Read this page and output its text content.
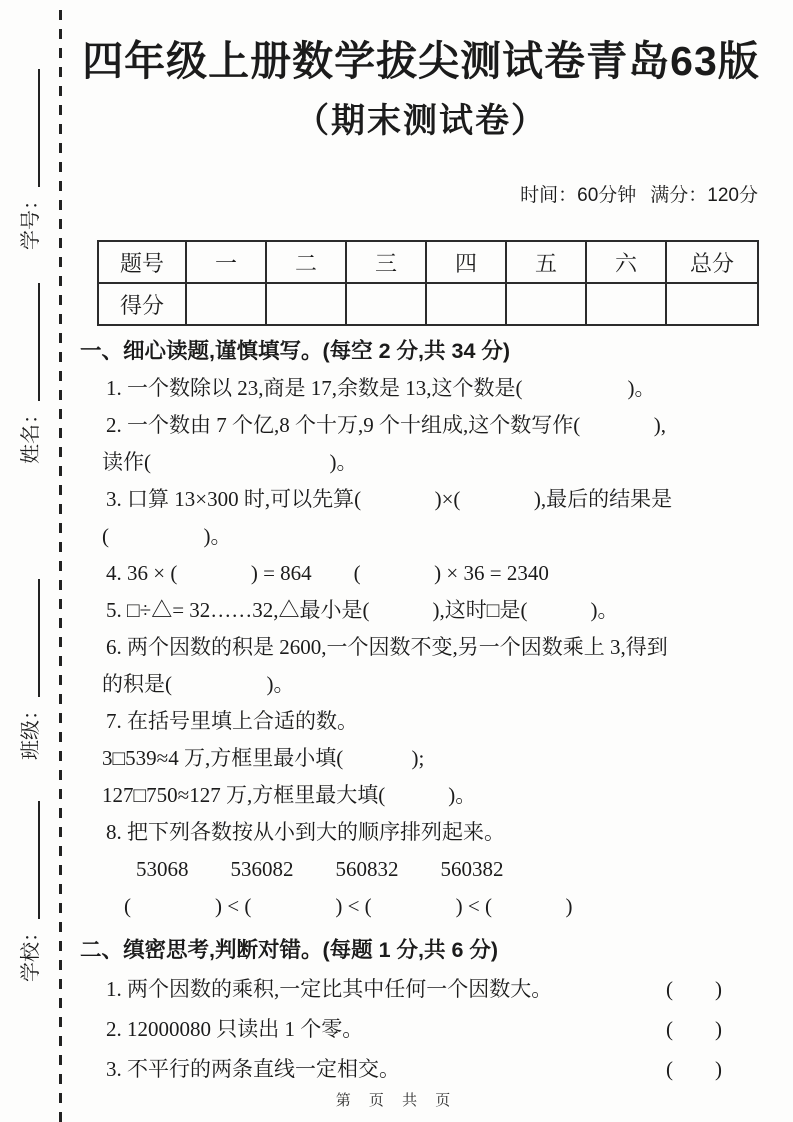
学号：
姓名：
班级：
学校：
四年级上册数学拔尖测试卷青岛63版
（期末测试卷）

时间：60分钟 满分：120分

题号	一	二	三	四	五	六	总分
得分							
一、细心读题,谨慎填写。(每空 2 分,共 34 分)
1. 一个数除以 23,商是 17,余数是 13,这个数是(                    )。
2. 一个数由 7 个亿,8 个十万,9 个十组成,这个数写作(              ),
读作(                                  )。
3. 口算 13×300 时,可以先算(              )×(              ),最后的结果是
(                  )。
4. 36 × (              ) = 864        (              ) × 36 = 2340
5. □÷△= 32……32,△最小是(            ),这时□是(            )。
6. 两个因数的积是 2600,一个因数不变,另一个因数乘上 3,得到
的积是(                  )。
7. 在括号里填上合适的数。
3□539≈4 万,方框里最小填(             );
127□750≈127 万,方框里最大填(            )。
8. 把下列各数按从小到大的顺序排列起来。
53068        536082        560832        560382
(                ) < (                ) < (                ) < (              )
二、缜密思考,判断对错。(每题 1 分,共 6 分)
1. 两个因数的乘积,一定比其中任何一个因数大。	(        )
2. 12000080 只读出 1 个零。	(        )
3. 不平行的两条直线一定相交。	(        )
第 页 共 页
